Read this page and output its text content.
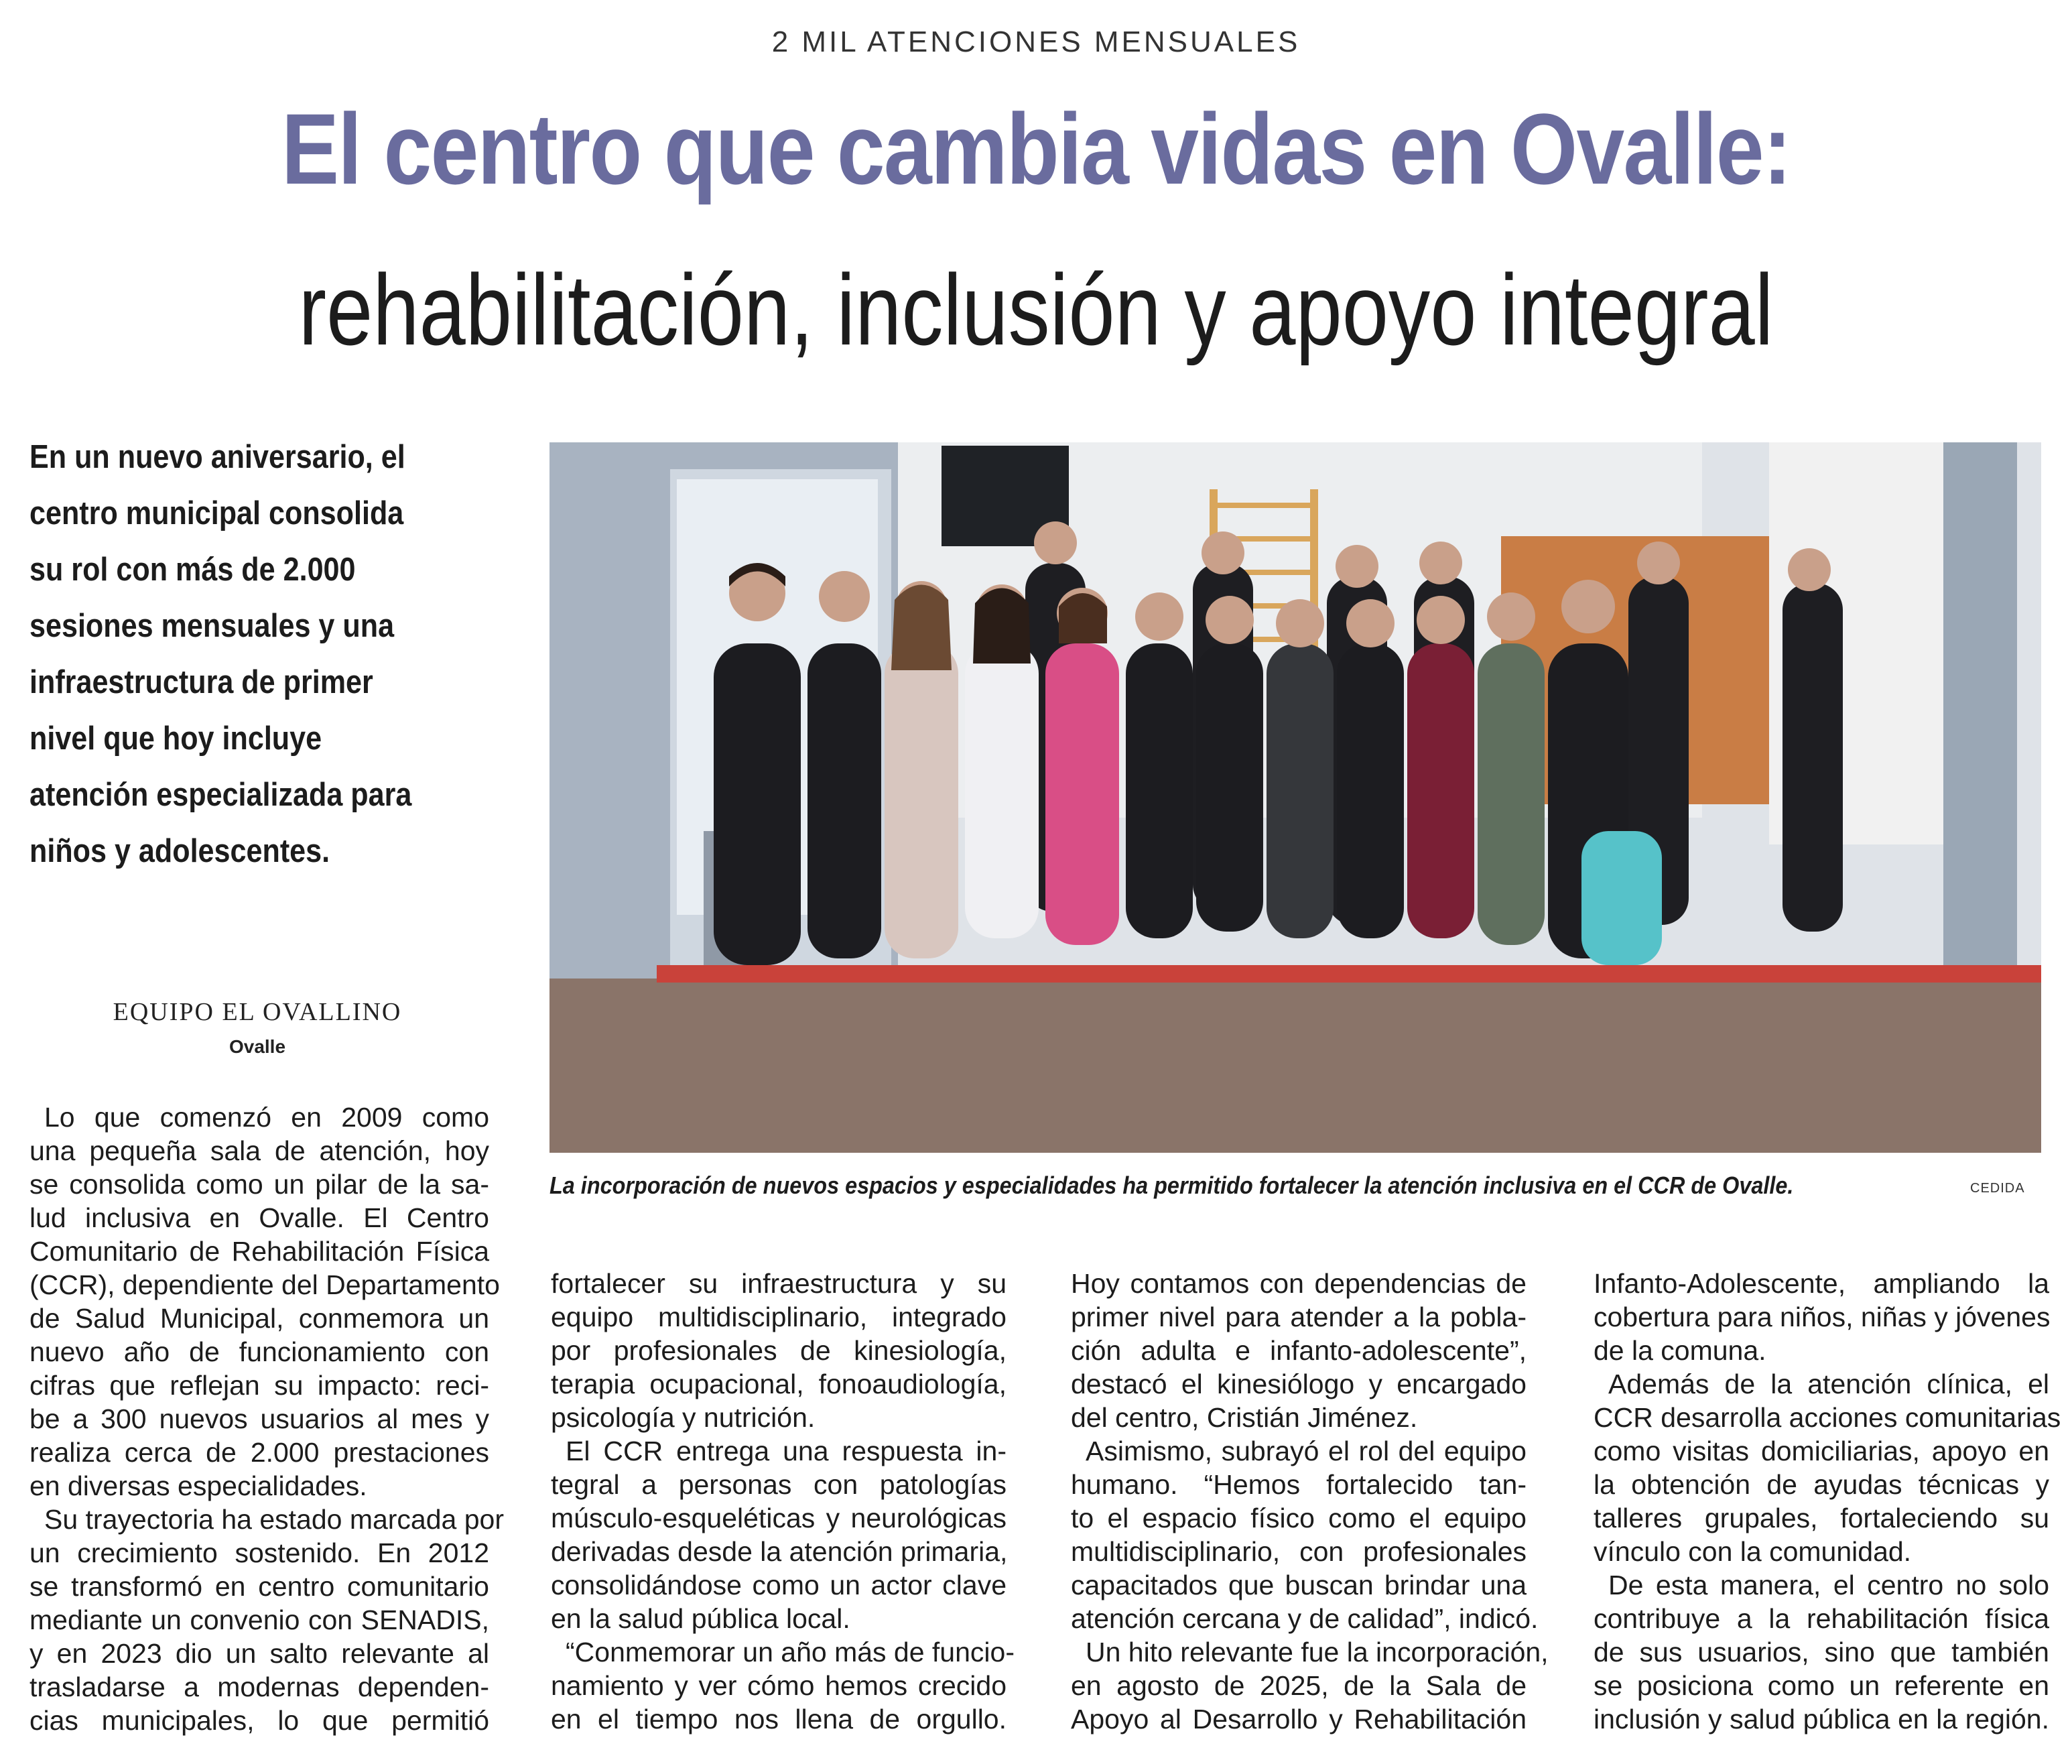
2 MIL ATENCIONES MENSUALES
El centro que cambia vidas en Ovalle:
rehabilitación, inclusión y apoyo integral
En un nuevo aniversario, el
centro municipal consolida
su rol con más de 2.000
sesiones mensuales y una
infraestructura de primer
nivel que hoy incluye
atención especializada para
niños y adolescentes.
EQUIPO EL OVALLINO
Ovalle
La incorporación de nuevos espacios y especialidades ha permitido fortalecer la atención inclusiva en el CCR de Ovalle.	CEDIDA
Lo que comenzó en 2009 como
una pequeña sala de atención, hoy
se consolida como un pilar de la sa-
lud inclusiva en Ovalle. El Centro
Comunitario de Rehabilitación Física
(CCR), dependiente del Departamento
de Salud Municipal, conmemora un
nuevo año de funcionamiento con
cifras que reflejan su impacto: reci-
be a 300 nuevos usuarios al mes y
realiza cerca de 2.000 prestaciones
en diversas especialidades.
Su trayectoria ha estado marcada por
un crecimiento sostenido. En 2012
se transformó en centro comunitario
mediante un convenio con SENADIS,
y en 2023 dio un salto relevante al
trasladarse a modernas dependen-
cias municipales, lo que permitió
fortalecer su infraestructura y su
equipo multidisciplinario, integrado
por profesionales de kinesiología,
terapia ocupacional, fonoaudiología,
psicología y nutrición.
El CCR entrega una respuesta in-
tegral a personas con patologías
músculo-esqueléticas y neurológicas
derivadas desde la atención primaria,
consolidándose como un actor clave
en la salud pública local.
“Conmemorar un año más de funcio-
namiento y ver cómo hemos crecido
en el tiempo nos llena de orgullo.
Hoy contamos con dependencias de
primer nivel para atender a la pobla-
ción adulta e infanto-adolescente”,
destacó el kinesiólogo y encargado
del centro, Cristián Jiménez.
Asimismo, subrayó el rol del equipo
humano. “Hemos fortalecido tan-
to el espacio físico como el equipo
multidisciplinario, con profesionales
capacitados que buscan brindar una
atención cercana y de calidad”, indicó.
Un hito relevante fue la incorporación,
en agosto de 2025, de la Sala de
Apoyo al Desarrollo y Rehabilitación
Infanto-Adolescente, ampliando la
cobertura para niños, niñas y jóvenes
de la comuna.
Además de la atención clínica, el
CCR desarrolla acciones comunitarias
como visitas domiciliarias, apoyo en
la obtención de ayudas técnicas y
talleres grupales, fortaleciendo su
vínculo con la comunidad.
De esta manera, el centro no solo
contribuye a la rehabilitación física
de sus usuarios, sino que también
se posiciona como un referente en
inclusión y salud pública en la región.
